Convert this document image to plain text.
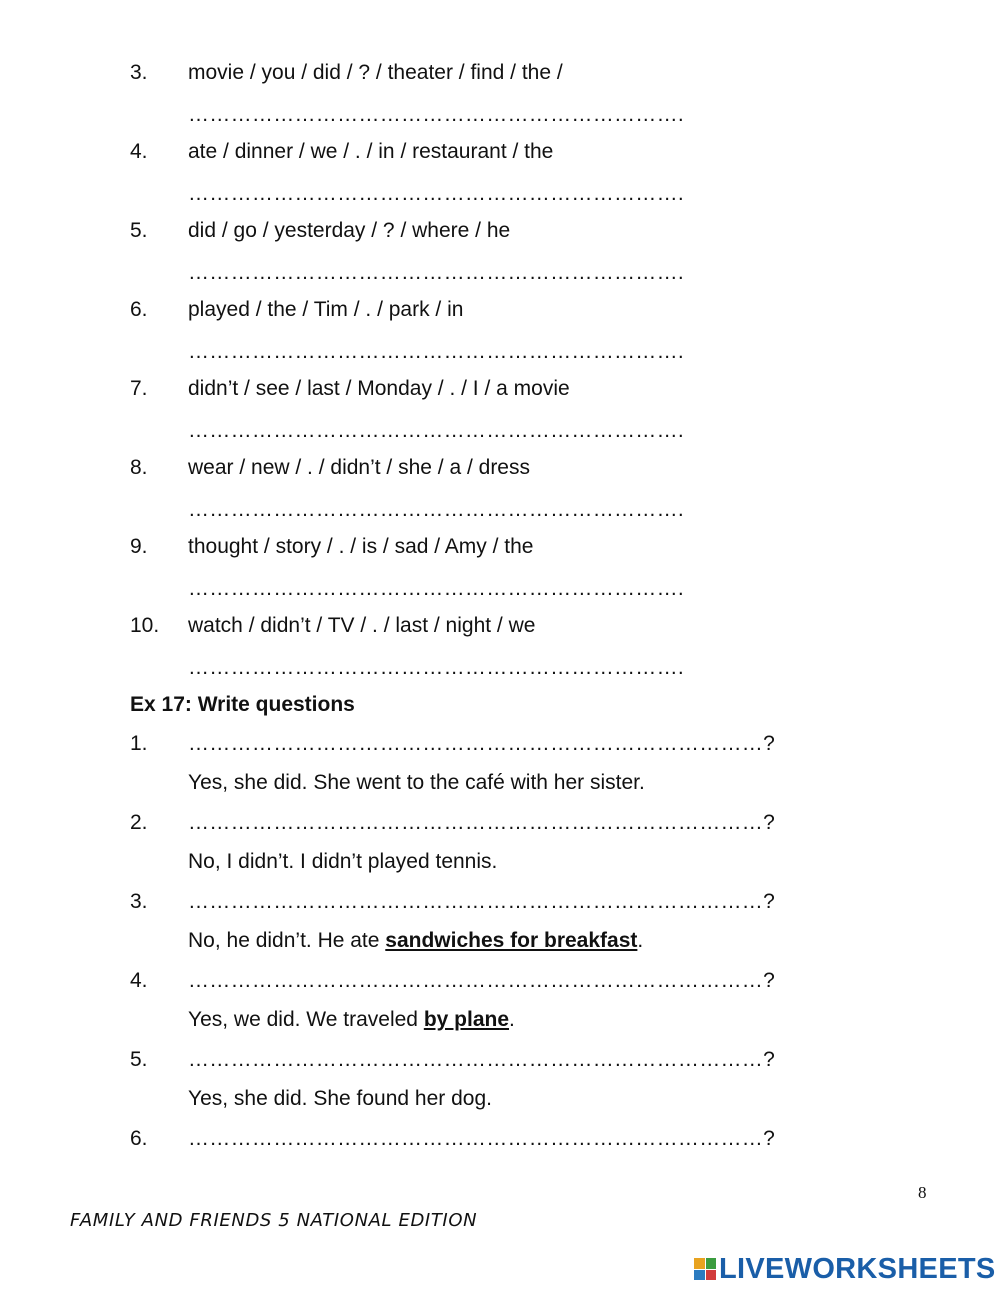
3. movie / you / did / ? / theater / find / the /
…………………………………………………………….
4. ate / dinner / we / . / in / restaurant / the
…………………………………………………………….
5. did / go / yesterday / ? / where / he
…………………………………………………………….
6. played / the / Tim / . / park / in
…………………………………………………………….
7. didn’t / see / last / Monday / . / I / a movie
…………………………………………………………….
8. wear / new / . / didn’t / she / a / dress
…………………………………………………………….
9. thought / story / . / is / sad / Amy / the
…………………………………………………………….
10. watch / didn’t / TV / . / last / night / we
…………………………………………………………….
Ex 17: Write questions
1. ………………………………………………………………………?
Yes, she did. She went to the café with her sister.
2. ………………………………………………………………………?
No, I didn’t. I didn’t played tennis.
3. ………………………………………………………………………?
No, he didn’t. He ate sandwiches for breakfast.
4. ………………………………………………………………………?
Yes, we did. We traveled by plane.
5. ………………………………………………………………………?
Yes, she did. She found her dog.
6. ………………………………………………………………………?
8
FAMILY AND FRIENDS 5 NATIONAL EDITION
LIVEWORKSHEETS
